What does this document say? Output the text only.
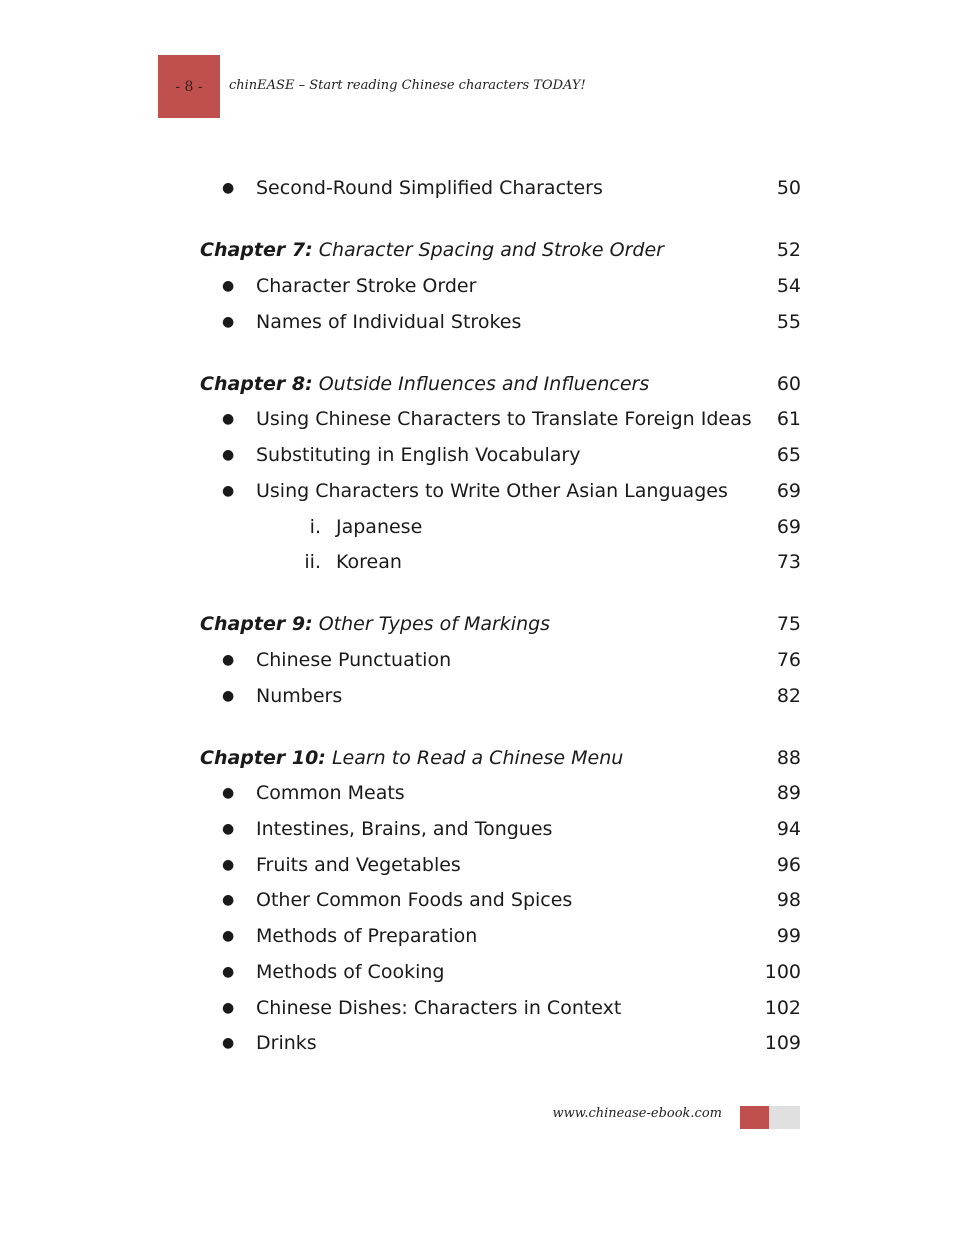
- 8 - chinEASE – Start reading Chinese characters TODAY!
● Second-Round Simplified Characters	50
Chapter 7: Character Spacing and Stroke Order	52
● Character Stroke Order	54
● Names of Individual Strokes	55
Chapter 8: Outside Influences and Influencers	60
● Using Chinese Characters to Translate Foreign Ideas 61
● Substituting in English Vocabulary	65
● Using Characters to Write Other Asian Languages	69
i. Japanese	69
ii. Korean	73
Chapter 9: Other Types of Markings	75
● Chinese Punctuation	76
● Numbers	82
Chapter 10: Learn to Read a Chinese Menu	88
● Common Meats	89
● Intestines, Brains, and Tongues	94
● Fruits and Vegetables	96
● Other Common Foods and Spices	98
● Methods of Preparation	99
● Methods of Cooking	100
● Chinese Dishes: Characters in Context	102
● Drinks	109
www.chinease-ebook.com
